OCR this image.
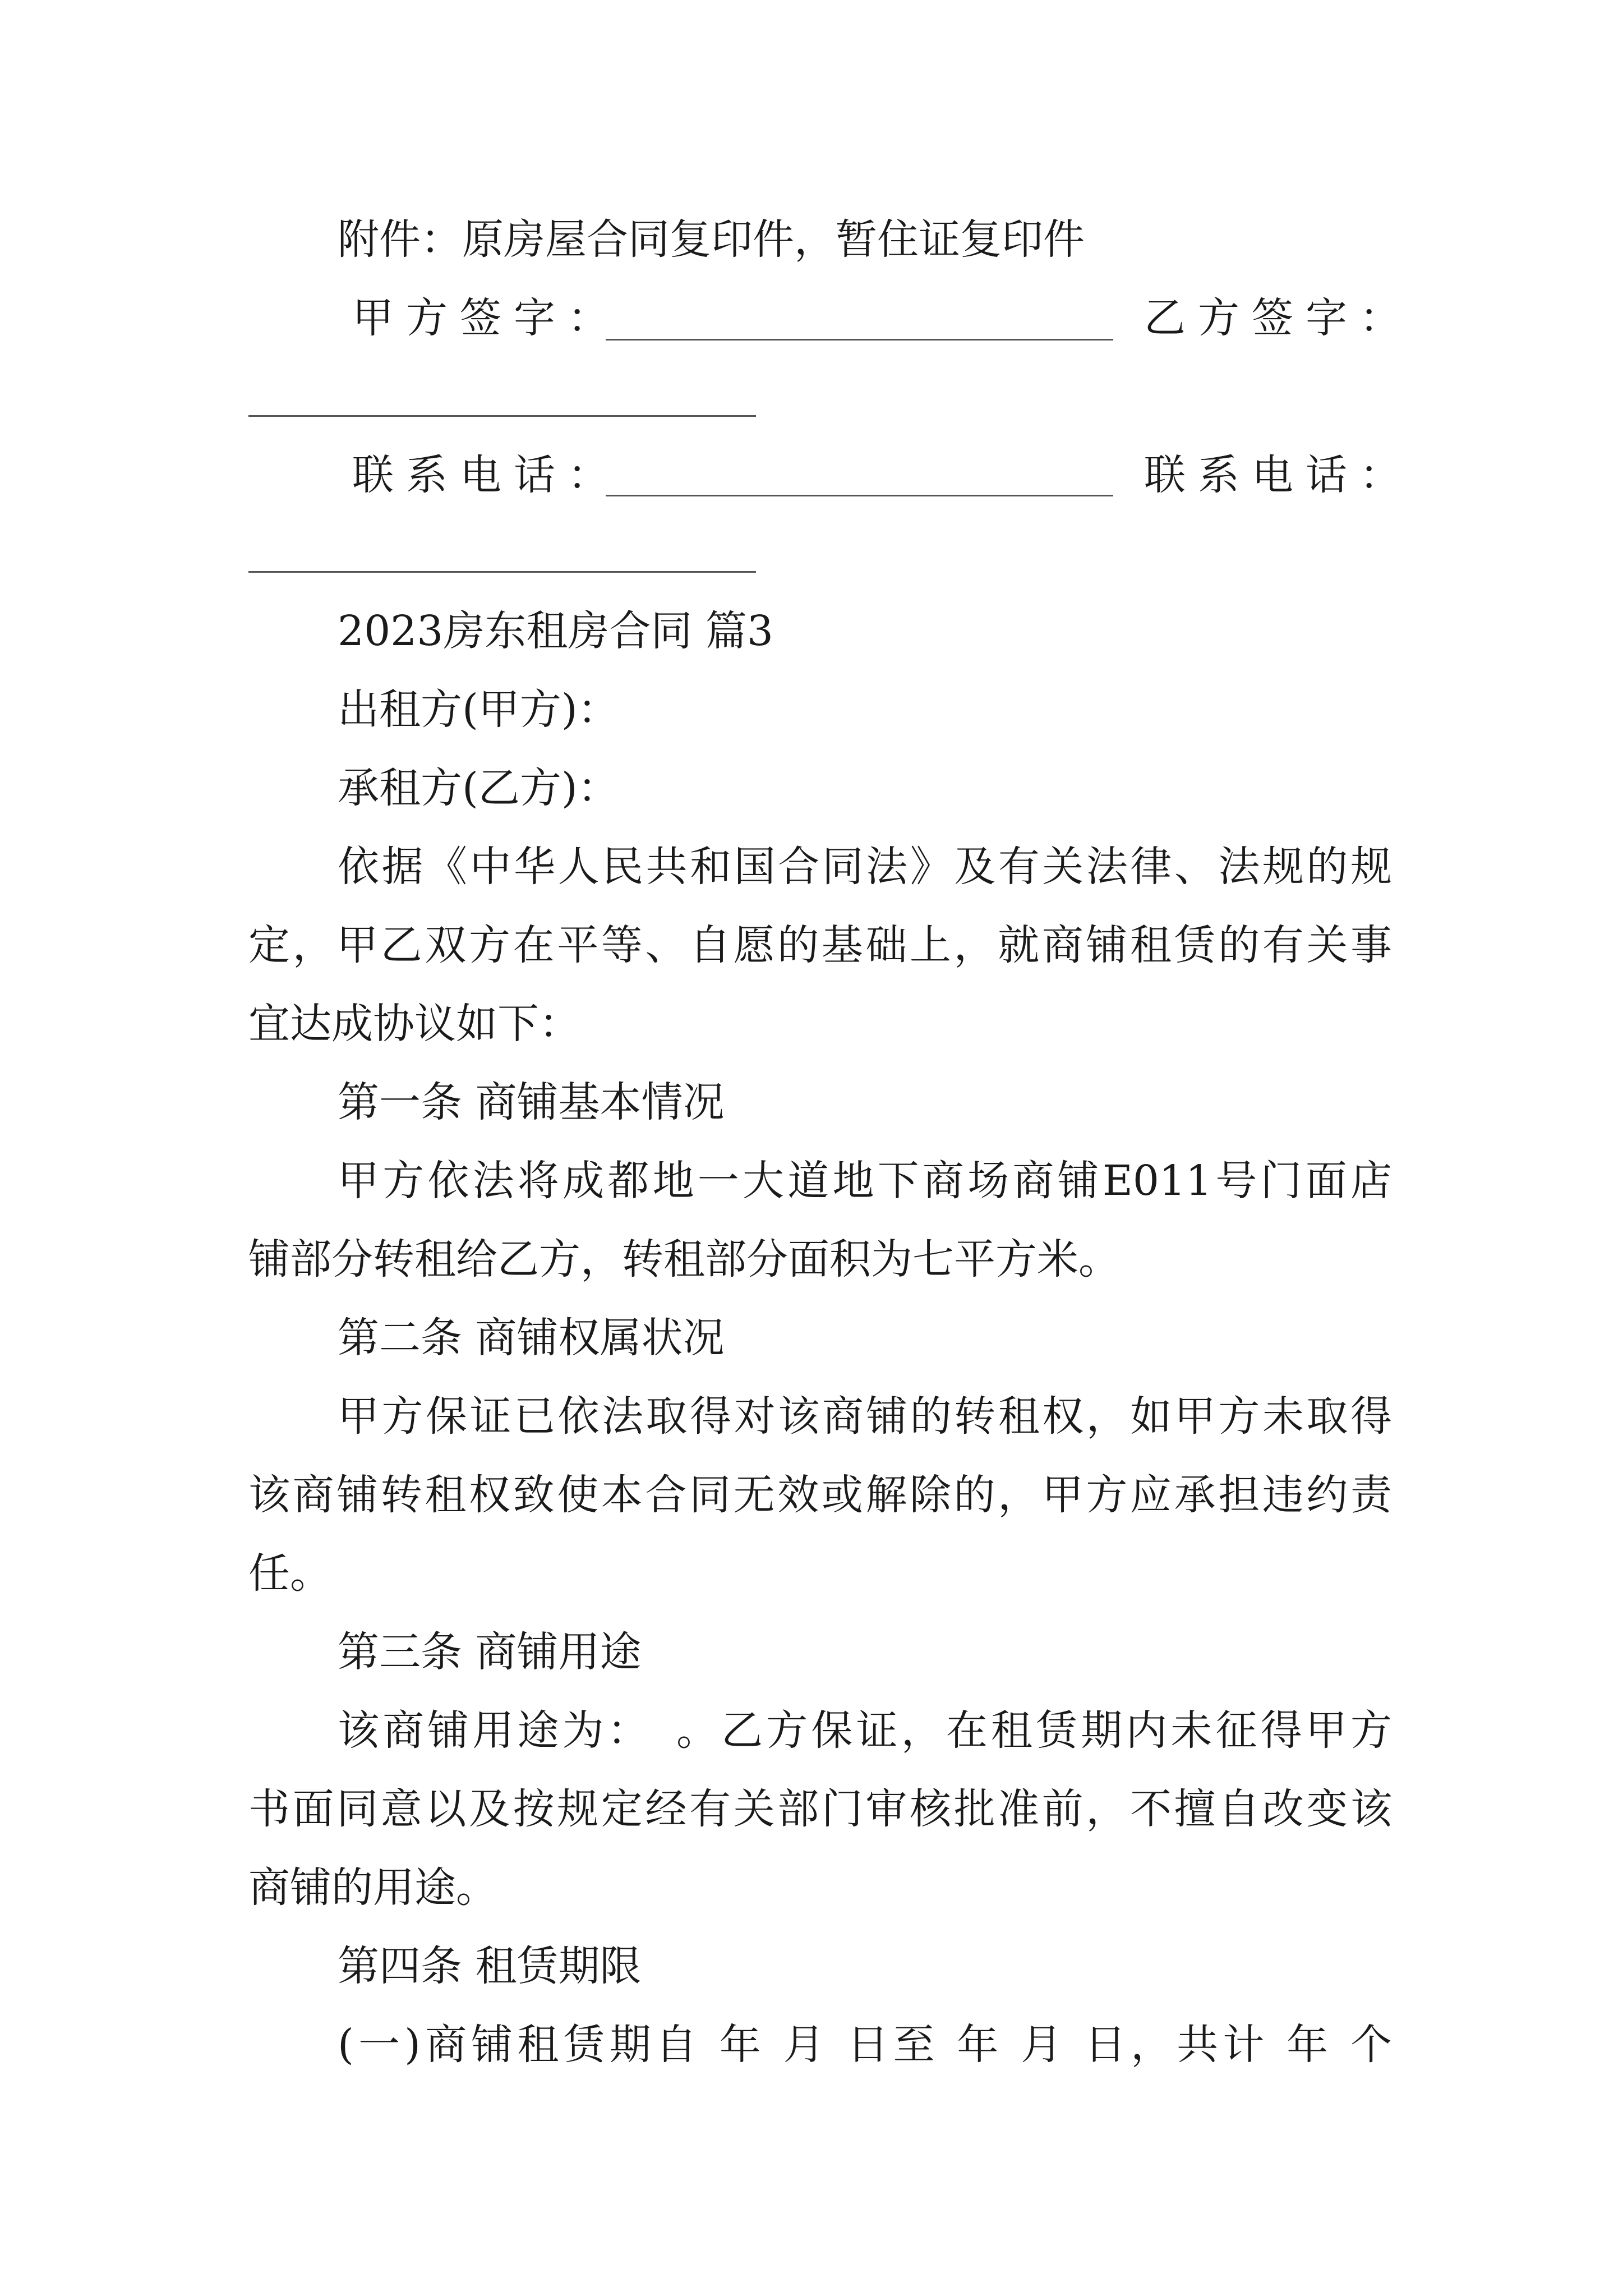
附件：原房屋合同复印件，暂住证复印件
甲方签字：	乙方签字：
联系电话：	联系电话：
2023房东租房合同 篇3
出租方(甲方)：
承租方(乙方)：
依据《中华人民共和国合同法》及有关法律、法规的规
定，甲乙双方在平等、自愿的基础上，就商铺租赁的有关事
宜达成协议如下：
第一条 商铺基本情况
甲方依法将成都地一大道地下商场商铺E011号门面店
铺部分转租给乙方，转租部分面积为七平方米。
第二条 商铺权属状况
甲方保证已依法取得对该商铺的转租权，如甲方未取得
该商铺转租权致使本合同无效或解除的，甲方应承担违约责
任。
第三条 商铺用途
该商铺用途为：　。乙方保证，在租赁期内未征得甲方
书面同意以及按规定经有关部门审核批准前，不擅自改变该
商铺的用途。
第四条 租赁期限
(一)商铺租赁期自 年 月 日至 年 月 日，共计 年 个
